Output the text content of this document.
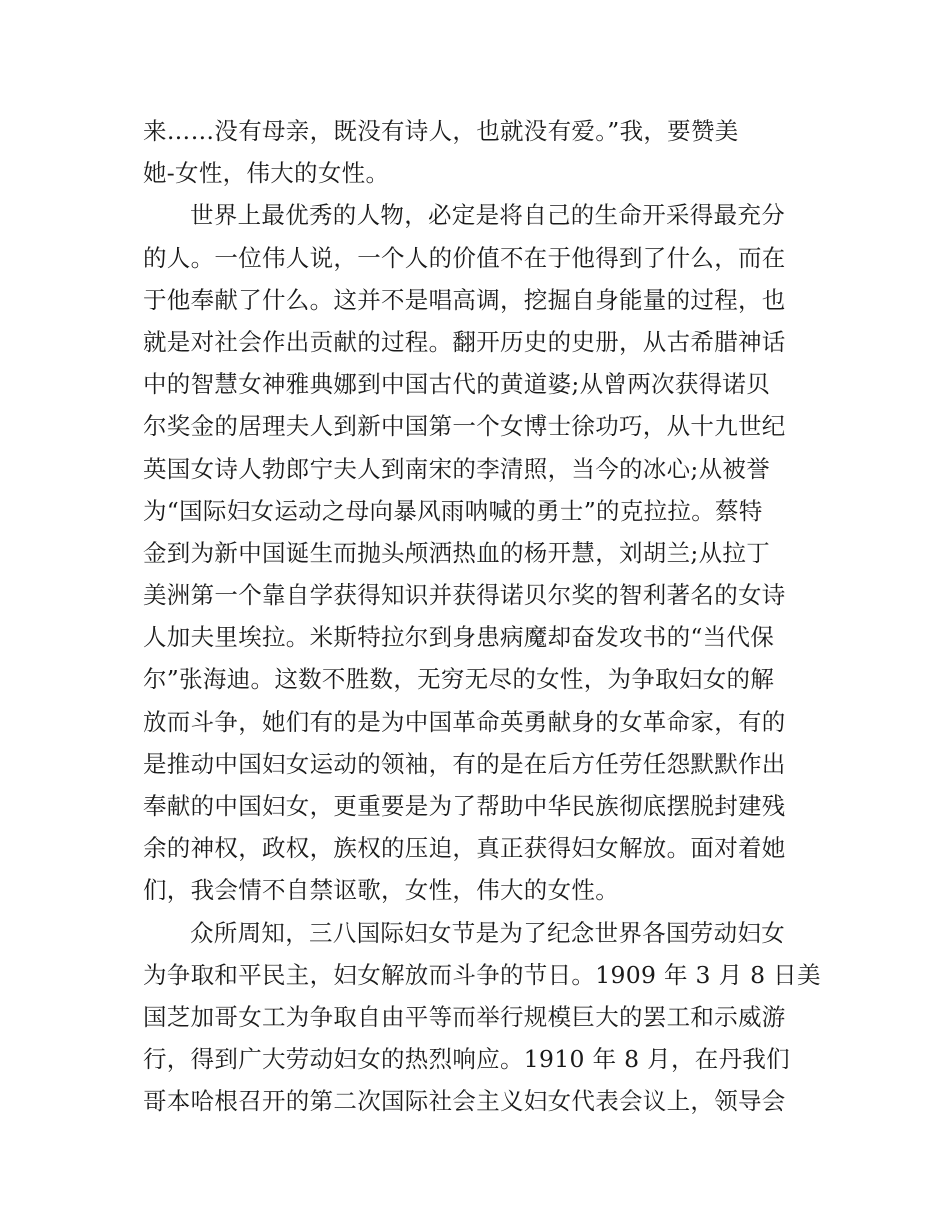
来……没有母亲，既没有诗人，也就没有爱。”我，要赞美
她-女性，伟大的女性。
世界上最优秀的人物，必定是将自己的生命开采得最充分
的人。一位伟人说，一个人的价值不在于他得到了什么，而在
于他奉献了什么。这并不是唱高调，挖掘自身能量的过程，也
就是对社会作出贡献的过程。翻开历史的史册，从古希腊神话
中的智慧女神雅典娜到中国古代的黄道婆;从曾两次获得诺贝
尔奖金的居理夫人到新中国第一个女博士徐功巧，从十九世纪
英国女诗人勃郎宁夫人到南宋的李清照，当今的冰心;从被誉
为“国际妇女运动之母向暴风雨呐喊的勇士”的克拉拉。蔡特
金到为新中国诞生而抛头颅洒热血的杨开慧，刘胡兰;从拉丁
美洲第一个靠自学获得知识并获得诺贝尔奖的智利著名的女诗
人加夫里埃拉。米斯特拉尔到身患病魔却奋发攻书的“当代保
尔”张海迪。这数不胜数，无穷无尽的女性，为争取妇女的解
放而斗争，她们有的是为中国革命英勇献身的女革命家，有的
是推动中国妇女运动的领袖，有的是在后方任劳任怨默默作出
奉献的中国妇女，更重要是为了帮助中华民族彻底摆脱封建残
余的神权，政权，族权的压迫，真正获得妇女解放。面对着她
们，我会情不自禁讴歌，女性，伟大的女性。
众所周知，三八国际妇女节是为了纪念世界各国劳动妇女
为争取和平民主，妇女解放而斗争的节日。1909 年 3 月 8 日美
国芝加哥女工为争取自由平等而举行规模巨大的罢工和示威游
行，得到广大劳动妇女的热烈响应。1910 年 8 月，在丹我们
哥本哈根召开的第二次国际社会主义妇女代表会议上，领导会
